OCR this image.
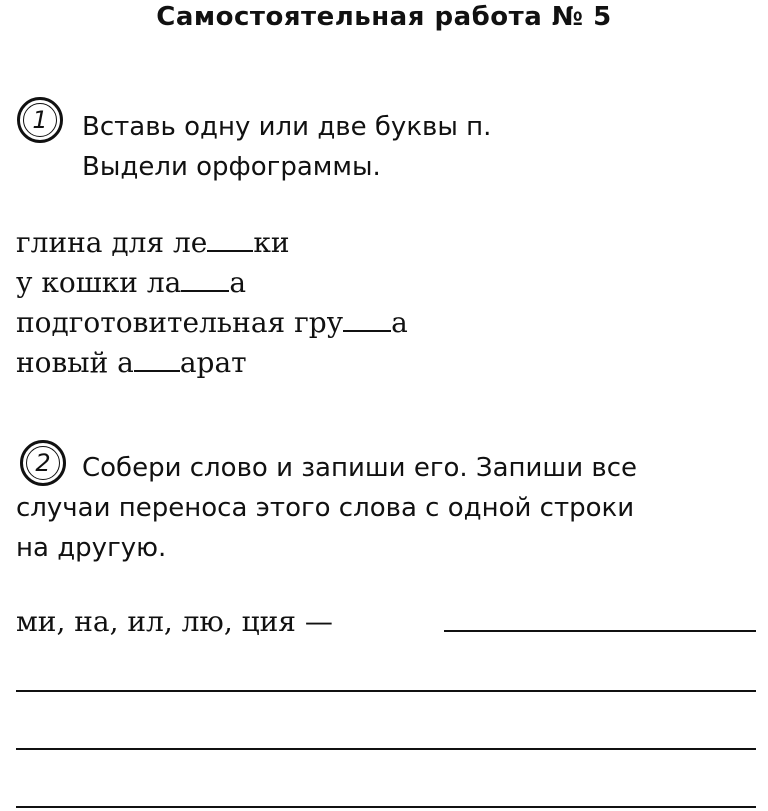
Самостоятельная работа № 5
1 Вставь одну или две буквы п.
Выдели орфограммы.
глина для ле ки
у кошки ла а
подготовительная гру а
новый а арат
2 Собери слово и запиши его. Запиши все
случаи переноса этого слова с одной строки
на другую.
ми, на, ил, лю, ция —
